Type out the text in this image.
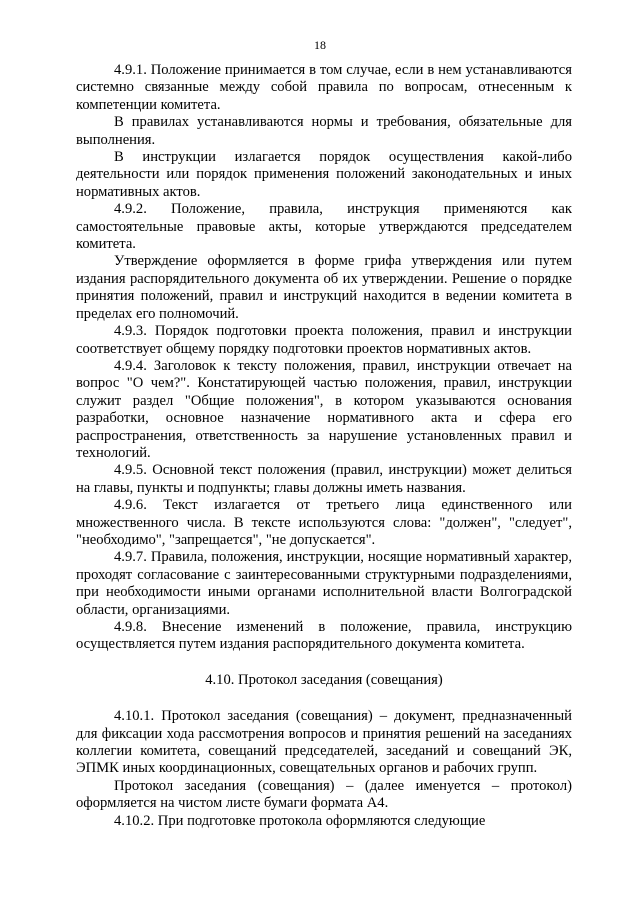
18

4.9.1. Положение принимается в том случае, если в нем устанавливаются системно связанные между собой правила по вопросам, отнесенным к компетенции комитета.

В правилах устанавливаются нормы и требования, обязательные для выполнения.

В инструкции излагается порядок осуществления какой-либо деятельности или порядок применения положений законодательных и иных нормативных актов.

4.9.2. Положение, правила, инструкция применяются как самостоятельные правовые акты, которые утверждаются председателем комитета.

Утверждение оформляется в форме грифа утверждения или путем издания распорядительного документа об их утверждении. Решение о порядке принятия положений, правил и инструкций находится в ведении комитета в пределах его полномочий.

4.9.3. Порядок подготовки проекта положения, правил и инструкции соответствует общему порядку подготовки проектов нормативных актов.

4.9.4. Заголовок к тексту положения, правил, инструкции отвечает на вопрос "О чем?". Констатирующей частью положения, правил, инструкции служит раздел "Общие положения", в котором указываются основания разработки, основное назначение нормативного акта и сфера его распространения, ответственность за нарушение установленных правил и технологий.

4.9.5. Основной текст положения (правил, инструкции) может делиться на главы, пункты и подпункты; главы должны иметь названия.

4.9.6. Текст излагается от третьего лица единственного или множественного числа. В тексте используются слова: "должен", "следует", "необходимо", "запрещается", "не допускается".

4.9.7. Правила, положения, инструкции, носящие нормативный характер, проходят согласование с заинтересованными структурными подразделениями, при необходимости иными органами исполнительной власти Волгоградской области, организациями.

4.9.8. Внесение изменений в положение, правила, инструкцию осуществляется путем издания распорядительного документа комитета.

4.10. Протокол заседания (совещания)

4.10.1. Протокол заседания (совещания) – документ, предназначенный для фиксации хода рассмотрения вопросов и принятия решений на заседаниях коллегии комитета, совещаний председателей, заседаний и совещаний ЭК, ЭПМК иных координационных, совещательных органов и рабочих групп.

Протокол заседания (совещания) – (далее именуется – протокол) оформляется на чистом листе бумаги формата А4.

4.10.2. При подготовке протокола оформляются следующие
